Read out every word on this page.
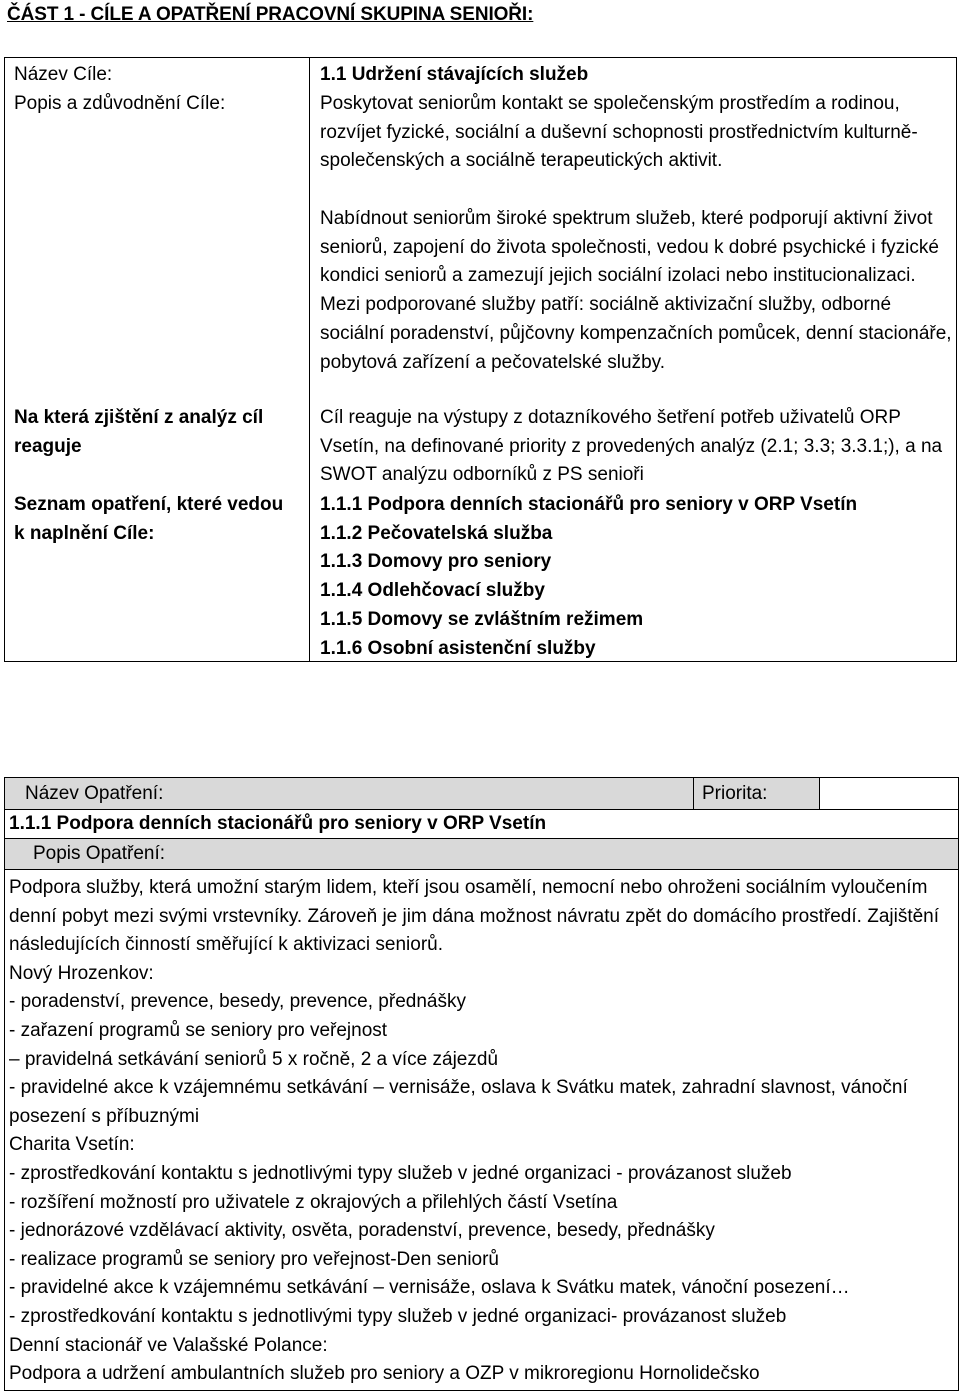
ČÁST 1 - CÍLE A OPATŘENÍ PRACOVNÍ SKUPINA SENIOŘI:
Název Cíle:
Popis a zdůvodnění Cíle:
Na která zjištění z analýz cíl reaguje
Seznam opatření, které vedou k naplnění Cíle:
1.1 Udržení stávajících služeb
Poskytovat seniorům kontakt se společenským prostředím a rodinou, rozvíjet fyzické, sociální a duševní schopnosti prostřednictvím kulturně-společenských a sociálně terapeutických aktivit.
Nabídnout seniorům široké spektrum služeb, které podporují aktivní život seniorů, zapojení do života společnosti, vedou k dobré psychické i fyzické kondici seniorů a zamezují jejich sociální izolaci nebo institucionalizaci. Mezi podporované služby patří: sociálně aktivizační služby, odborné sociální poradenství, půjčovny kompenzačních pomůcek, denní stacionáře, pobytová zařízení a pečovatelské služby.
Cíl reaguje na výstupy z dotazníkového šetření potřeb uživatelů ORP Vsetín, na definované priority z provedených analýz (2.1; 3.3; 3.3.1;), a na SWOT analýzu odborníků z PS senioři
1.1.1 Podpora denních stacionářů pro seniory v ORP Vsetín
1.1.2 Pečovatelská služba
1.1.3 Domovy pro seniory
1.1.4 Odlehčovací služby
1.1.5 Domovy se zvláštním režimem
1.1.6 Osobní asistenční služby
Název Opatření:	Priorita:
1.1.1 Podpora denních stacionářů pro seniory v ORP Vsetín
Popis Opatření:

Podpora služby, která umožní starým lidem, kteří jsou osamělí, nemocní nebo ohroženi sociálním vyloučením denní pobyt mezi svými vrstevníky. Zároveň je jim dána možnost návratu zpět do domácího prostředí. Zajištění následujících činností směřující k aktivizaci seniorů.

Nový Hrozenkov:

- poradenství, prevence, besedy, prevence, přednášky

- zařazení programů se seniory pro veřejnost

– pravidelná setkávání seniorů 5 x ročně, 2 a více zájezdů

- pravidelné akce k vzájemnému setkávání – vernisáže, oslava k Svátku matek, zahradní slavnost, vánoční posezení s příbuznými

Charita Vsetín:

- zprostředkování kontaktu s jednotlivými typy služeb v jedné organizaci - provázanost služeb

- rozšíření možností pro uživatele z okrajových a přilehlých částí Vsetína

- jednorázové vzdělávací aktivity, osvěta, poradenství, prevence, besedy, přednášky

- realizace programů se seniory pro veřejnost-Den seniorů

- pravidelné akce k vzájemnému setkávání – vernisáže, oslava k Svátku matek, vánoční posezení…

- zprostředkování kontaktu s jednotlivými typy služeb v jedné organizaci- provázanost služeb

Denní stacionář ve Valašské Polance:

Podpora a udržení ambulantních služeb pro seniory a OZP v mikroregionu Hornolidečsko
